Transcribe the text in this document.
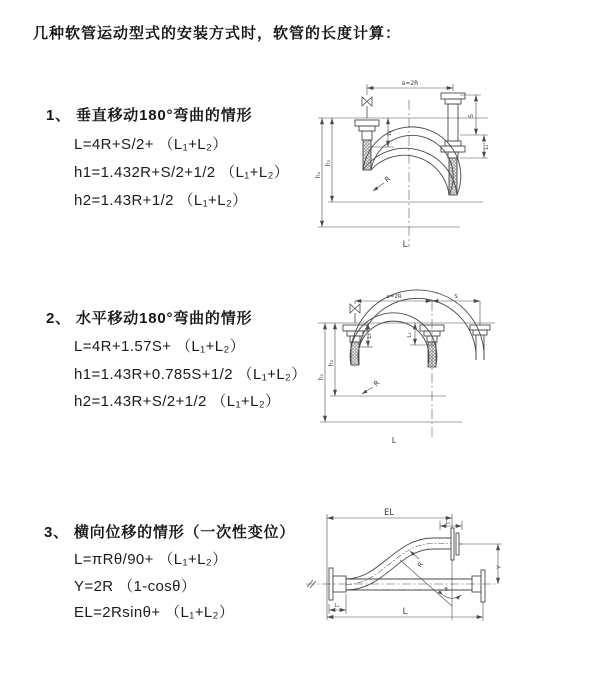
几种软管运动型式的安装方式时，软管的长度计算：
1、 垂直移动180°弯曲的情形
L=4R+S/2+ （L₁+L₂）
h1=1.432R+S/2+1/2 （L₁+L₂）
h2=1.43R+1/2 （L₁+L₂）
2、 水平移动180°弯曲的情形
L=4R+1.57S+ （L₁+L₂）
h1=1.43R+0.785S+1/2 （L₁+L₂）
h2=1.43R+S/2+1/2 （L₁+L₂）
3、 横向位移的情形（一次性变位）
L=πRθ/90+ （L₁+L₂）
Y=2R （1-cosθ）
EL=2Rsinθ+ （L₁+L₂）
a=2R
h₁
h₂
L₁
S
L₁
R
L
a=2R	S
h₁
h₂
L₁	L₁
R
L
EL
L₁
Y
R
θ
L
L₁
